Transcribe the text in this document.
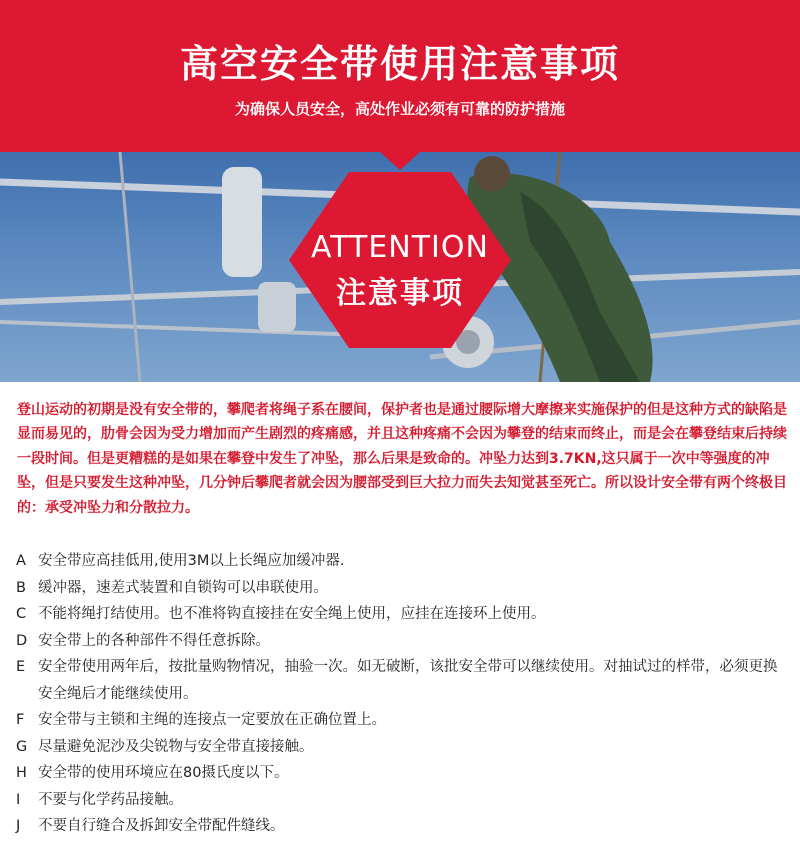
高空安全带使用注意事项
为确保人员安全，高处作业必须有可靠的防护措施
ATTENTION
注意事项

登山运动的初期是没有安全带的，攀爬者将绳子系在腰间，保护者也是通过腰际增大摩擦来实施保护的但是这种方式的缺陷是显而易见的，肋骨会因为受力增加而产生剧烈的疼痛感，并且这种疼痛不会因为攀登的结束而终止，而是会在攀登结束后持续一段时间。但是更糟糕的是如果在攀登中发生了冲坠，那么后果是致命的。冲坠力达到3.7KN,这只属于一次中等强度的冲坠，但是只要发生这种冲坠，几分钟后攀爬者就会因为腰部受到巨大拉力而失去知觉甚至死亡。所以设计安全带有两个终极目的：承受冲坠力和分散拉力。

A 安全带应高挂低用,使用3M以上长绳应加缓冲器.
B 缓冲器，速差式装置和自锁钩可以串联使用。
C 不能将绳打结使用。也不准将钩直接挂在安全绳上使用，应挂在连接环上使用。
D 安全带上的各种部件不得任意拆除。
E 安全带使用两年后，按批量购物情况，抽验一次。如无破断，该批安全带可以继续使用。对抽试过的样带，必须更换安全绳后才能继续使用。
F 安全带与主锁和主绳的连接点一定要放在正确位置上。
G 尽量避免泥沙及尖锐物与安全带直接接触。
H 安全带的使用环境应在80摄氏度以下。
I 不要与化学药品接触。
J 不要自行缝合及拆卸安全带配件缝线。
